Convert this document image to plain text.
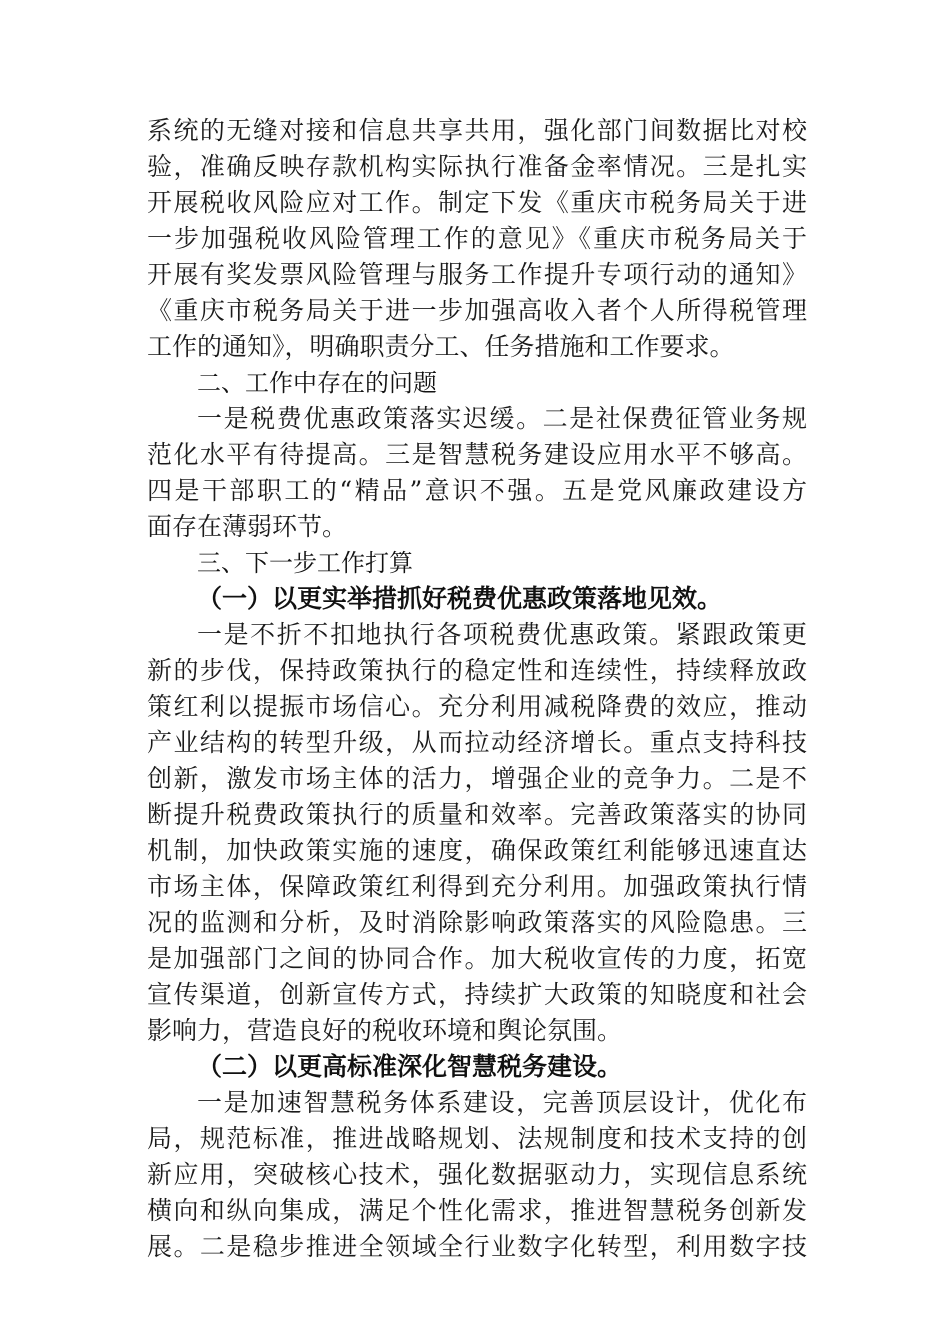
系统的无缝对接和信息共享共用，强化部门间数据比对校
验，准确反映存款机构实际执行准备金率情况。三是扎实
开展税收风险应对工作。制定下发《重庆市税务局关于进
一步加强税收风险管理工作的意见》《重庆市税务局关于
开展有奖发票风险管理与服务工作提升专项行动的通知》
《重庆市税务局关于进一步加强高收入者个人所得税管理
工作的通知》，明确职责分工、任务措施和工作要求。
二、工作中存在的问题
一是税费优惠政策落实迟缓。二是社保费征管业务规
范化水平有待提高。三是智慧税务建设应用水平不够高。
四是干部职工的“精品”意识不强。五是党风廉政建设方
面存在薄弱环节。
三、下一步工作打算
（一）以更实举措抓好税费优惠政策落地见效。
一是不折不扣地执行各项税费优惠政策。紧跟政策更
新的步伐，保持政策执行的稳定性和连续性，持续释放政
策红利以提振市场信心。充分利用减税降费的效应，推动
产业结构的转型升级，从而拉动经济增长。重点支持科技
创新，激发市场主体的活力，增强企业的竞争力。二是不
断提升税费政策执行的质量和效率。完善政策落实的协同
机制，加快政策实施的速度，确保政策红利能够迅速直达
市场主体，保障政策红利得到充分利用。加强政策执行情
况的监测和分析，及时消除影响政策落实的风险隐患。三
是加强部门之间的协同合作。加大税收宣传的力度，拓宽
宣传渠道，创新宣传方式，持续扩大政策的知晓度和社会
影响力，营造良好的税收环境和舆论氛围。
（二）以更高标准深化智慧税务建设。
一是加速智慧税务体系建设，完善顶层设计，优化布
局，规范标准，推进战略规划、法规制度和技术支持的创
新应用，突破核心技术，强化数据驱动力，实现信息系统
横向和纵向集成，满足个性化需求，推进智慧税务创新发
展。二是稳步推进全领域全行业数字化转型，利用数字技
